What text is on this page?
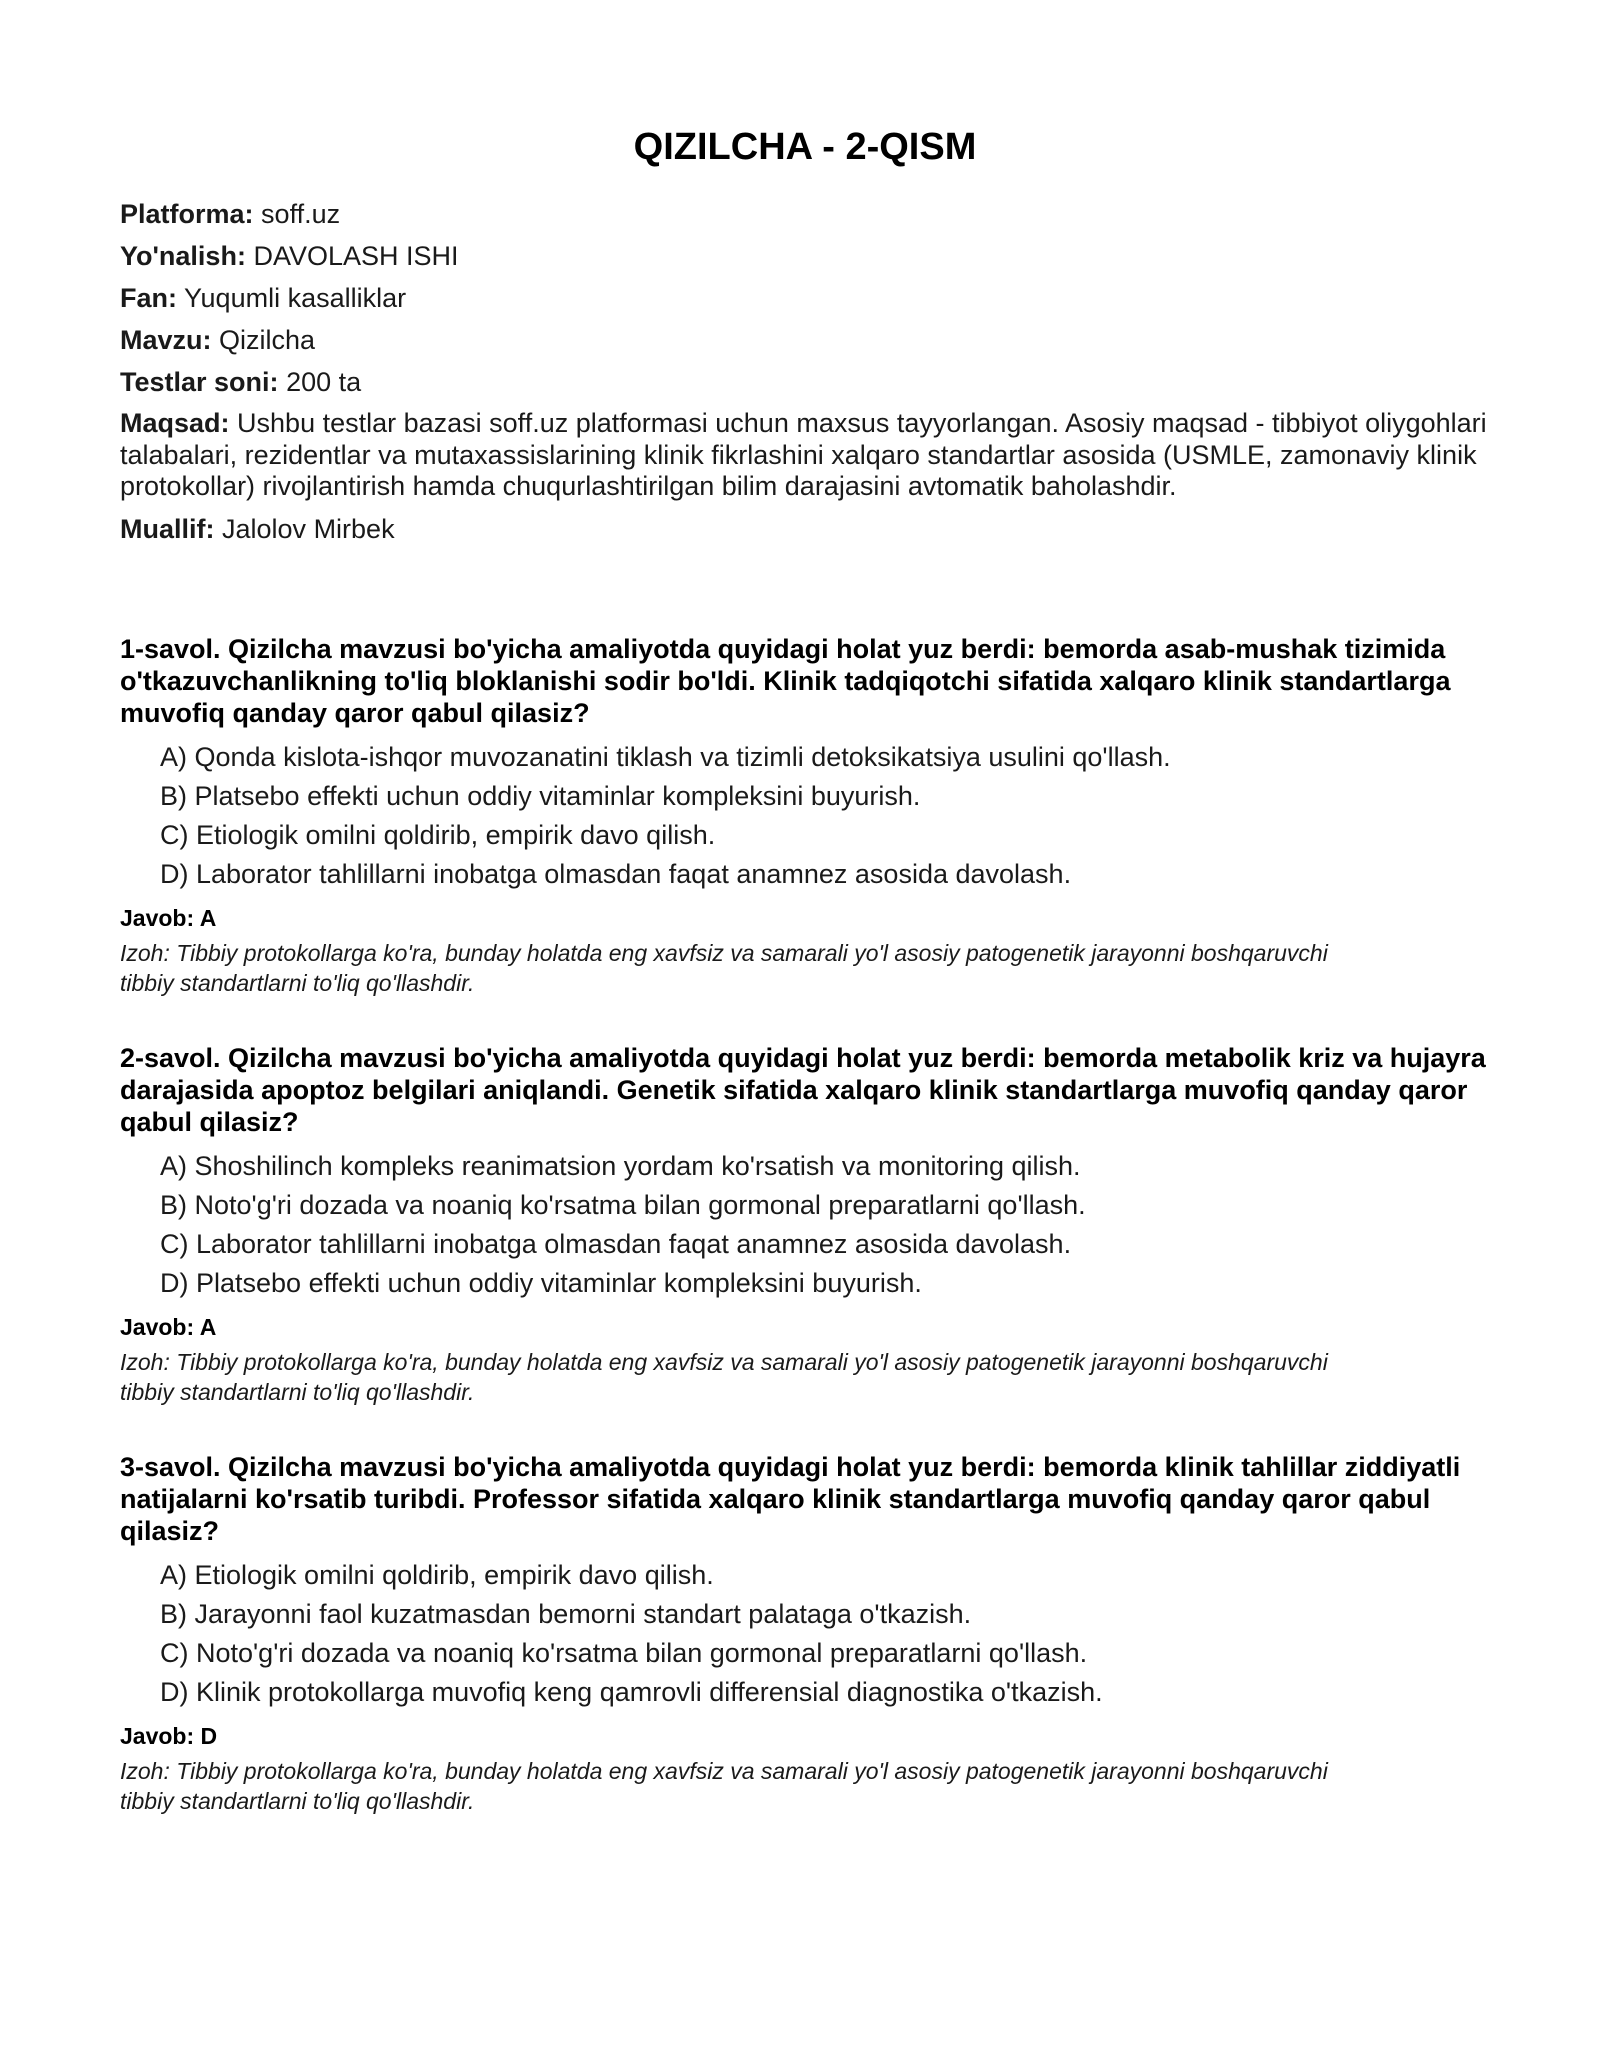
QIZILCHA - 2-QISM

Platforma: soff.uz

Yo'nalish: DAVOLASH ISHI

Fan: Yuqumli kasalliklar

Mavzu: Qizilcha

Testlar soni: 200 ta

Maqsad: Ushbu testlar bazasi soff.uz platformasi uchun maxsus tayyorlangan. Asosiy maqsad - tibbiyot oliygohlari talabalari, rezidentlar va mutaxassislarining klinik fikrlashini xalqaro standartlar asosida (USMLE, zamonaviy klinik protokollar) rivojlantirish hamda chuqurlashtirilgan bilim darajasini avtomatik baholashdir.

Muallif: Jalolov Mirbek

1-savol. Qizilcha mavzusi bo'yicha amaliyotda quyidagi holat yuz berdi: bemorda asab-mushak tizimida o'tkazuvchanlikning to'liq bloklanishi sodir bo'ldi. Klinik tadqiqotchi sifatida xalqaro klinik standartlarga muvofiq qanday qaror qabul qilasiz?

A) Qonda kislota-ishqor muvozanatini tiklash va tizimli detoksikatsiya usulini qo'llash.
B) Platsebo effekti uchun oddiy vitaminlar kompleksini buyurish.
C) Etiologik omilni qoldirib, empirik davo qilish.
D) Laborator tahlillarni inobatga olmasdan faqat anamnez asosida davolash.

Javob: A

Izoh: Tibbiy protokollarga ko'ra, bunday holatda eng xavfsiz va samarali yo'l asosiy patogenetik jarayonni boshqaruvchi tibbiy standartlarni to'liq qo'llashdir.

2-savol. Qizilcha mavzusi bo'yicha amaliyotda quyidagi holat yuz berdi: bemorda metabolik kriz va hujayra darajasida apoptoz belgilari aniqlandi. Genetik sifatida xalqaro klinik standartlarga muvofiq qanday qaror qabul qilasiz?

A) Shoshilinch kompleks reanimatsion yordam ko'rsatish va monitoring qilish.
B) Noto'g'ri dozada va noaniq ko'rsatma bilan gormonal preparatlarni qo'llash.
C) Laborator tahlillarni inobatga olmasdan faqat anamnez asosida davolash.
D) Platsebo effekti uchun oddiy vitaminlar kompleksini buyurish.

Javob: A

Izoh: Tibbiy protokollarga ko'ra, bunday holatda eng xavfsiz va samarali yo'l asosiy patogenetik jarayonni boshqaruvchi tibbiy standartlarni to'liq qo'llashdir.

3-savol. Qizilcha mavzusi bo'yicha amaliyotda quyidagi holat yuz berdi: bemorda klinik tahlillar ziddiyatli natijalarni ko'rsatib turibdi. Professor sifatida xalqaro klinik standartlarga muvofiq qanday qaror qabul qilasiz?

A) Etiologik omilni qoldirib, empirik davo qilish.
B) Jarayonni faol kuzatmasdan bemorni standart palataga o'tkazish.
C) Noto'g'ri dozada va noaniq ko'rsatma bilan gormonal preparatlarni qo'llash.
D) Klinik protokollarga muvofiq keng qamrovli differensial diagnostika o'tkazish.

Javob: D

Izoh: Tibbiy protokollarga ko'ra, bunday holatda eng xavfsiz va samarali yo'l asosiy patogenetik jarayonni boshqaruvchi tibbiy standartlarni to'liq qo'llashdir.
